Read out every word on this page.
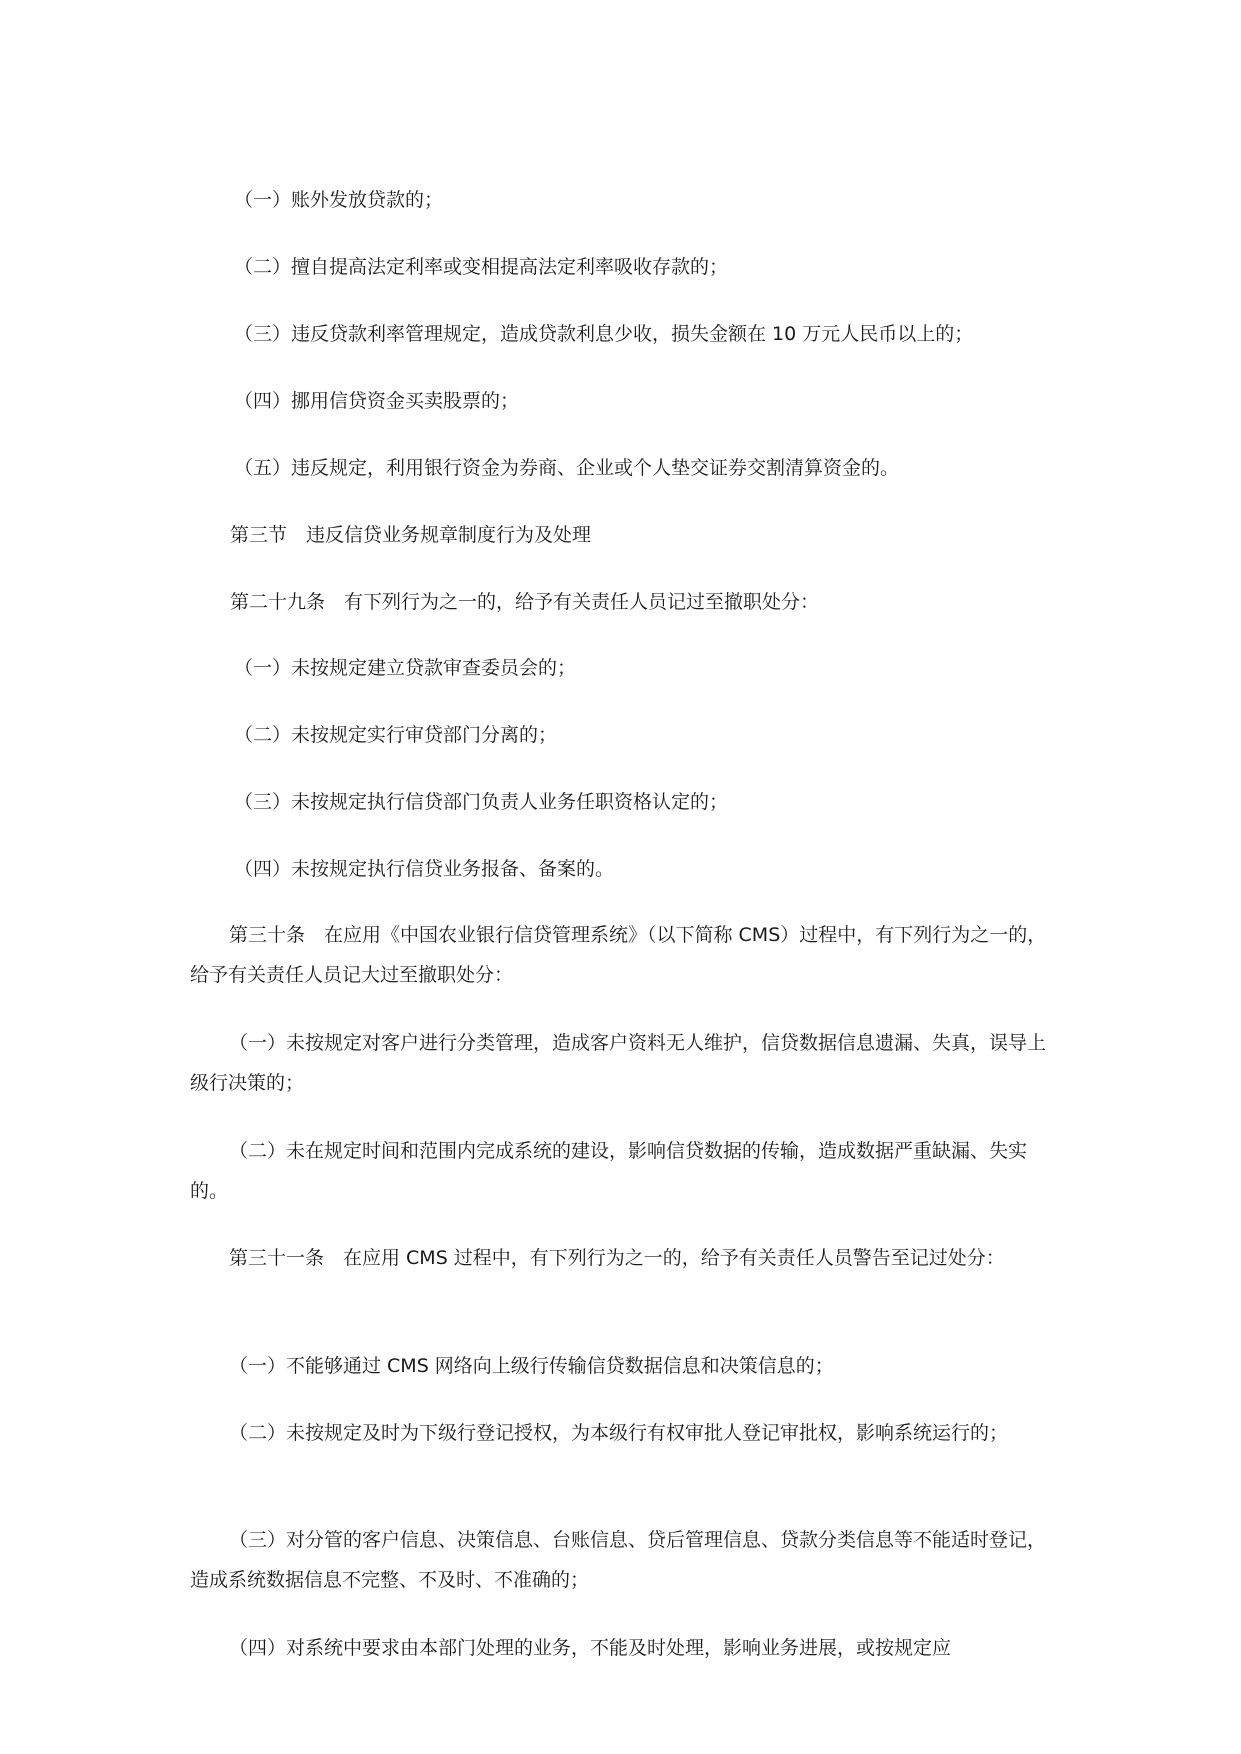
（一）账外发放贷款的；
（二）擅自提高法定利率或变相提高法定利率吸收存款的；
（三）违反贷款利率管理规定，造成贷款利息少收，损失金额在 10 万元人民币以上的；
（四）挪用信贷资金买卖股票的；
（五）违反规定，利用银行资金为券商、企业或个人垫交证券交割清算资金的。
第三节　违反信贷业务规章制度行为及处理
第二十九条　有下列行为之一的，给予有关责任人员记过至撤职处分：
（一）未按规定建立贷款审查委员会的；
（二）未按规定实行审贷部门分离的；
（三）未按规定执行信贷部门负责人业务任职资格认定的；
（四）未按规定执行信贷业务报备、备案的。
第三十条　在应用《中国农业银行信贷管理系统》（以下简称 CMS）过程中，有下列行为之一的，给予有关责任人员记大过至撤职处分：
（一）未按规定对客户进行分类管理，造成客户资料无人维护，信贷数据信息遗漏、失真，误导上级行决策的；
（二）未在规定时间和范围内完成系统的建设，影响信贷数据的传输，造成数据严重缺漏、失实的。
第三十一条　在应用 CMS 过程中，有下列行为之一的，给予有关责任人员警告至记过处分：
（一）不能够通过 CMS 网络向上级行传输信贷数据信息和决策信息的；
（二）未按规定及时为下级行登记授权，为本级行有权审批人登记审批权，影响系统运行的；
（三）对分管的客户信息、决策信息、台账信息、贷后管理信息、贷款分类信息等不能适时登记，造成系统数据信息不完整、不及时、不准确的；
（四）对系统中要求由本部门处理的业务，不能及时处理，影响业务进展，或按规定应
